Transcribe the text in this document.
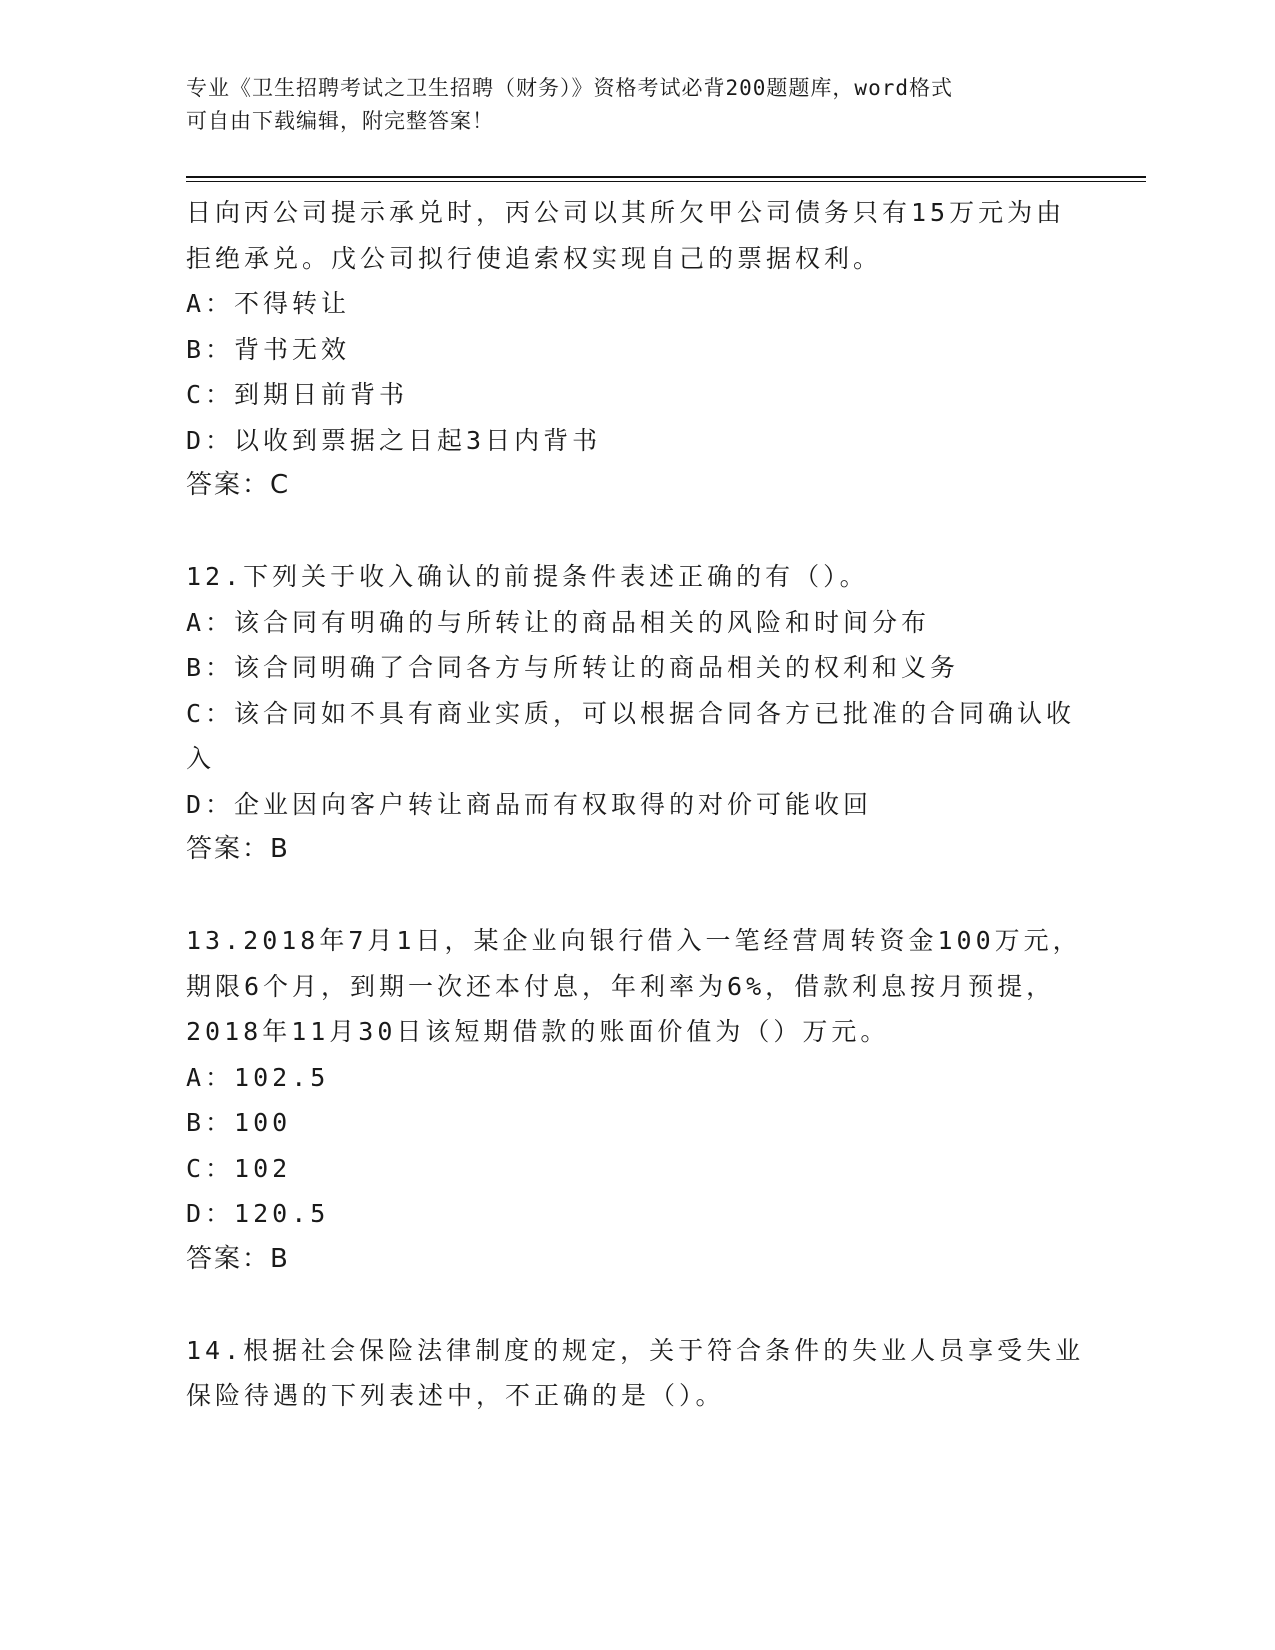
专业《卫生招聘考试之卫生招聘（财务）》资格考试必背200题题库，word格式
可自由下载编辑，附完整答案！
日向丙公司提示承兑时，丙公司以其所欠甲公司债务只有15万元为由
拒绝承兑。戊公司拟行使追索权实现自己的票据权利。
A：不得转让
B：背书无效
C：到期日前背书
D：以收到票据之日起3日内背书
答案：C
12.下列关于收入确认的前提条件表述正确的有（）。
A：该合同有明确的与所转让的商品相关的风险和时间分布
B：该合同明确了合同各方与所转让的商品相关的权利和义务
C：该合同如不具有商业实质，可以根据合同各方已批准的合同确认收
入
D：企业因向客户转让商品而有权取得的对价可能收回
答案：B
13.2018年7月1日，某企业向银行借入一笔经营周转资金100万元，
期限6个月，到期一次还本付息，年利率为6%，借款利息按月预提，
2018年11月30日该短期借款的账面价值为（）万元。
A：102.5
B：100
C：102
D：120.5
答案：B
14.根据社会保险法律制度的规定，关于符合条件的失业人员享受失业
保险待遇的下列表述中，不正确的是（）。
